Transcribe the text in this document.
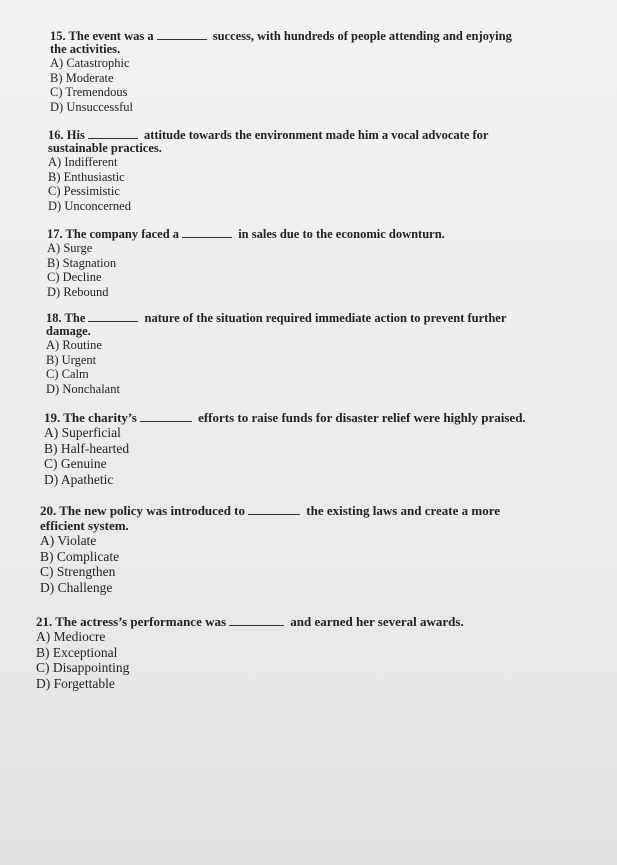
15. The event was a	success, with hundreds of people attending and enjoying the activities.
A) Catastrophic
B) Moderate
C) Tremendous
D) Unsuccessful
16. His	attitude towards the environment made him a vocal advocate for sustainable practices.
A) Indifferent
B) Enthusiastic
C) Pessimistic
D) Unconcerned
17. The company faced a	in sales due to the economic downturn.
A) Surge
B) Stagnation
C) Decline
D) Rebound
18. The	nature of the situation required immediate action to prevent further damage.
A) Routine
B) Urgent
C) Calm
D) Nonchalant
19. The charity’s	efforts to raise funds for disaster relief were highly praised.
A) Superficial
B) Half-hearted
C) Genuine
D) Apathetic
20. The new policy was introduced to	the existing laws and create a more efficient system.
A) Violate
B) Complicate
C) Strengthen
D) Challenge
21. The actress’s performance was	and earned her several awards.
A) Mediocre
B) Exceptional
C) Disappointing
D) Forgettable
